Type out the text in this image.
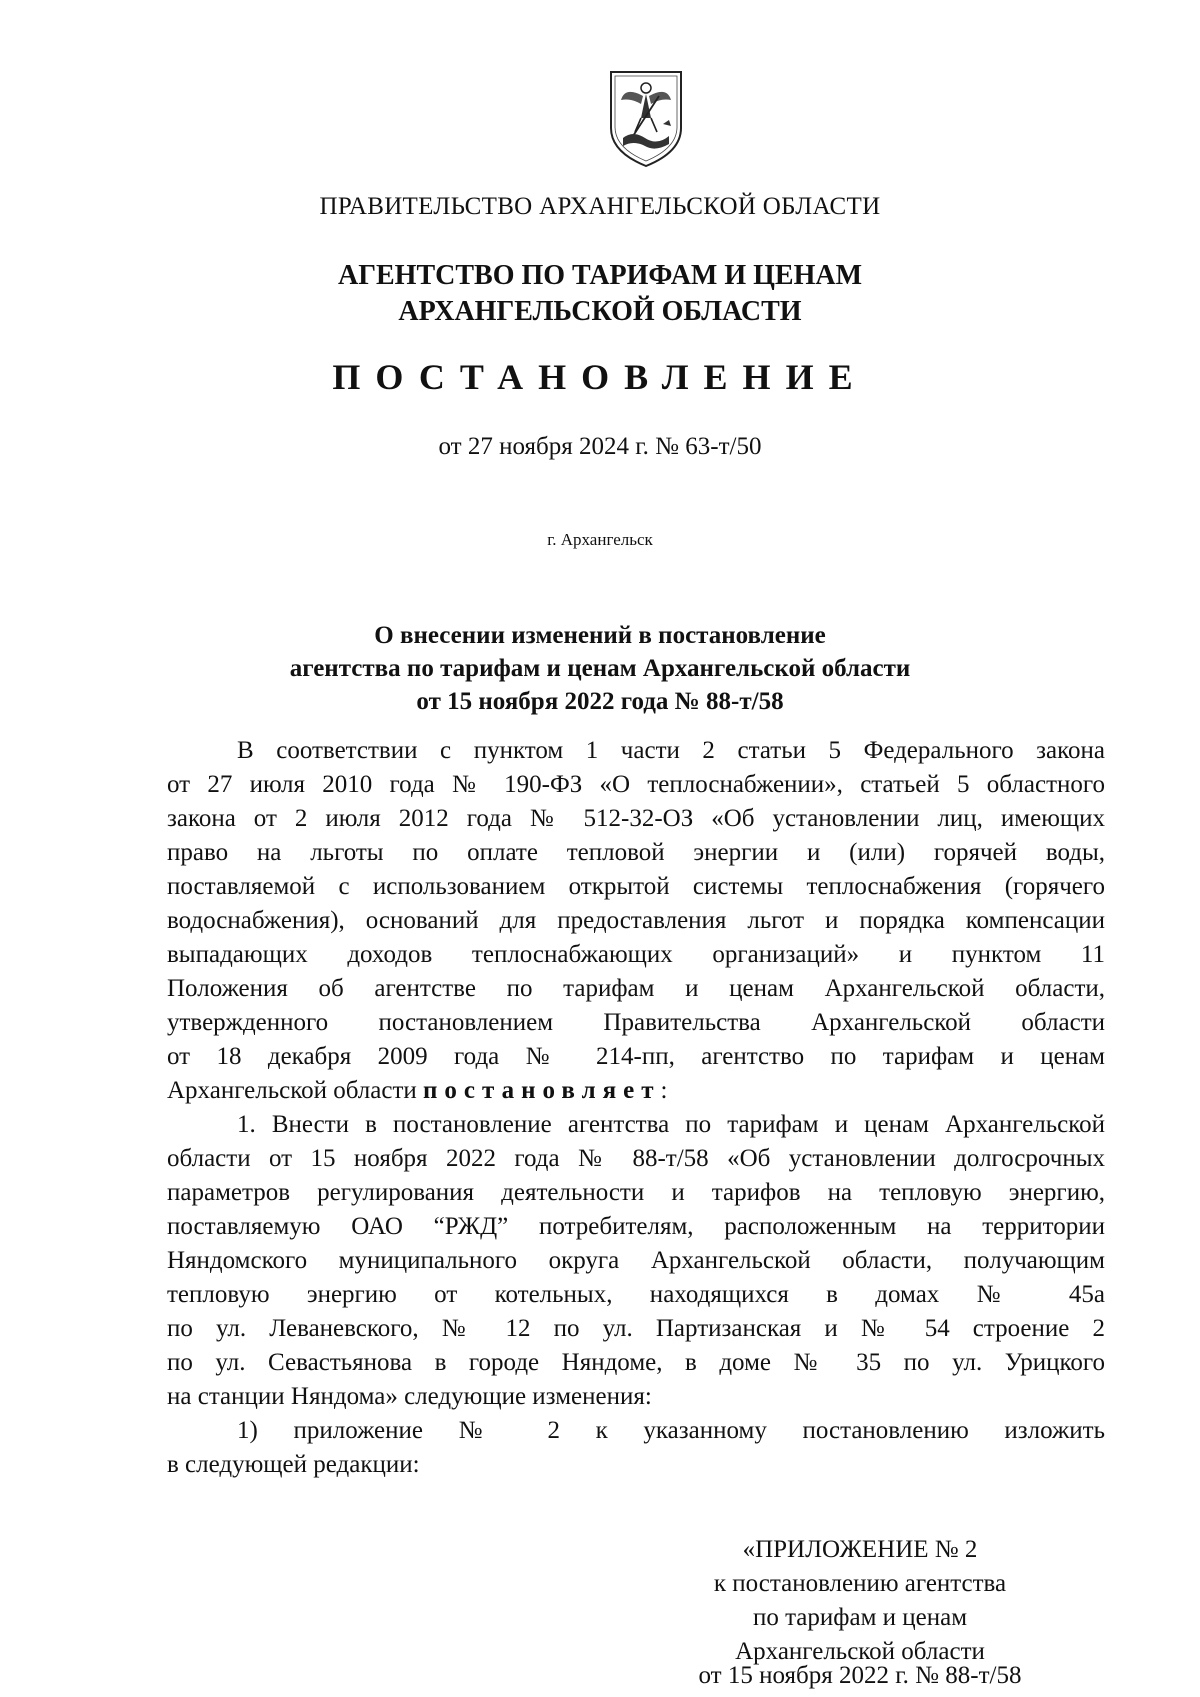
ПРАВИТЕЛЬСТВО АРХАНГЕЛЬСКОЙ ОБЛАСТИ
АГЕНТСТВО ПО ТАРИФАМ И ЦЕНАМ
АРХАНГЕЛЬСКОЙ ОБЛАСТИ
ПОСТАНОВЛЕНИЕ
от 27 ноября 2024 г. № 63-т/50
г. Архангельск
О внесении изменений в постановление
агентства по тарифам и ценам Архангельской области
от 15 ноября 2022 года № 88-т/58
В соответствии с пунктом 1 части 2 статьи 5 Федерального закона
от 27 июля 2010 года № 190-ФЗ «О теплоснабжении», статьей 5 областного
закона от 2 июля 2012 года № 512-32-ОЗ «Об установлении лиц, имеющих
право на льготы по оплате тепловой энергии и (или) горячей воды,
поставляемой с использованием открытой системы теплоснабжения (горячего
водоснабжения), оснований для предоставления льгот и порядка компенсации
выпадающих доходов теплоснабжающих организаций» и пунктом 11
Положения об агентстве по тарифам и ценам Архангельской области,
утвержденного постановлением Правительства Архангельской области
от 18 декабря 2009 года № 214-пп, агентство по тарифам и ценам
Архангельской области постановляет:
1. Внести в постановление агентства по тарифам и ценам Архангельской
области от 15 ноября 2022 года № 88-т/58 «Об установлении долгосрочных
параметров регулирования деятельности и тарифов на тепловую энергию,
поставляемую ОАО “РЖД” потребителям, расположенным на территории
Няндомского муниципального округа Архангельской области, получающим
тепловую энергию от котельных, находящихся в домах № 45а
по ул. Леваневского, № 12 по ул. Партизанская и № 54 строение 2
по ул. Севастьянова в городе Няндоме, в доме № 35 по ул. Урицкого
на станции Няндома» следующие изменения:
1) приложение № 2 к указанному постановлению изложить
в следующей редакции:
«ПРИЛОЖЕНИЕ № 2
к постановлению агентства
по тарифам и ценам
Архангельской области
от 15 ноября 2022 г. № 88-т/58
